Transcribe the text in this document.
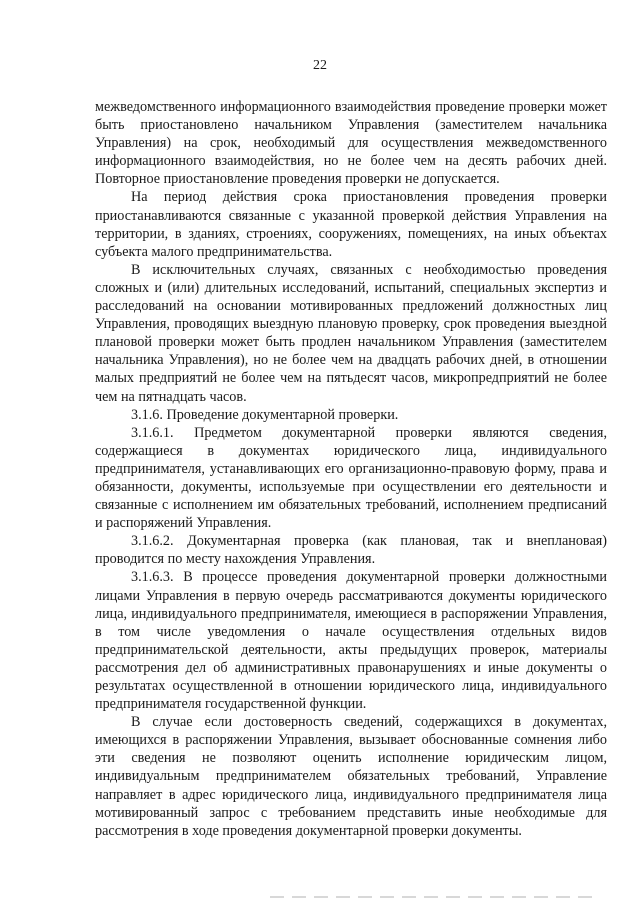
22

межведомственного информационного взаимодействия проведение проверки может быть приостановлено начальником Управления (заместителем начальника Управления) на срок, необходимый для осуществления межведомственного информационного взаимодействия, но не более чем на десять рабочих дней. Повторное приостановление проведения проверки не допускается.

На период действия срока приостановления проведения проверки приостанавливаются связанные с указанной проверкой действия Управления на территории, в зданиях, строениях, сооружениях, помещениях, на иных объектах субъекта малого предпринимательства.

В исключительных случаях, связанных с необходимостью проведения сложных и (или) длительных исследований, испытаний, специальных экспертиз и расследований на основании мотивированных предложений должностных лиц Управления, проводящих выездную плановую проверку, срок проведения выездной плановой проверки может быть продлен начальником Управления (заместителем начальника Управления), но не более чем на двадцать рабочих дней, в отношении малых предприятий не более чем на пятьдесят часов, микропредприятий не более чем на пятнадцать часов.

3.1.6. Проведение документарной проверки.

3.1.6.1. Предметом документарной проверки являются сведения, содержащиеся в документах юридического лица, индивидуального предпринимателя, устанавливающих его организационно-правовую форму, права и обязанности, документы, используемые при осуществлении его деятельности и связанные с исполнением им обязательных требований, исполнением предписаний и распоряжений Управления.

3.1.6.2. Документарная проверка (как плановая, так и внеплановая) проводится по месту нахождения Управления.

3.1.6.3. В процессе проведения документарной проверки должностными лицами Управления в первую очередь рассматриваются документы юридического лица, индивидуального предпринимателя, имеющиеся в распоряжении Управления, в том числе уведомления о начале осуществления отдельных видов предпринимательской деятельности, акты предыдущих проверок, материалы рассмотрения дел об административных правонарушениях и иные документы о результатах осуществленной в отношении юридического лица, индивидуального предпринимателя государственной функции.

В случае если достоверность сведений, содержащихся в документах, имеющихся в распоряжении Управления, вызывает обоснованные сомнения либо эти сведения не позволяют оценить исполнение юридическим лицом, индивидуальным предпринимателем обязательных требований, Управление направляет в адрес юридического лица, индивидуального предпринимателя лица мотивированный запрос с требованием представить иные необходимые для рассмотрения в ходе проведения документарной проверки документы.
